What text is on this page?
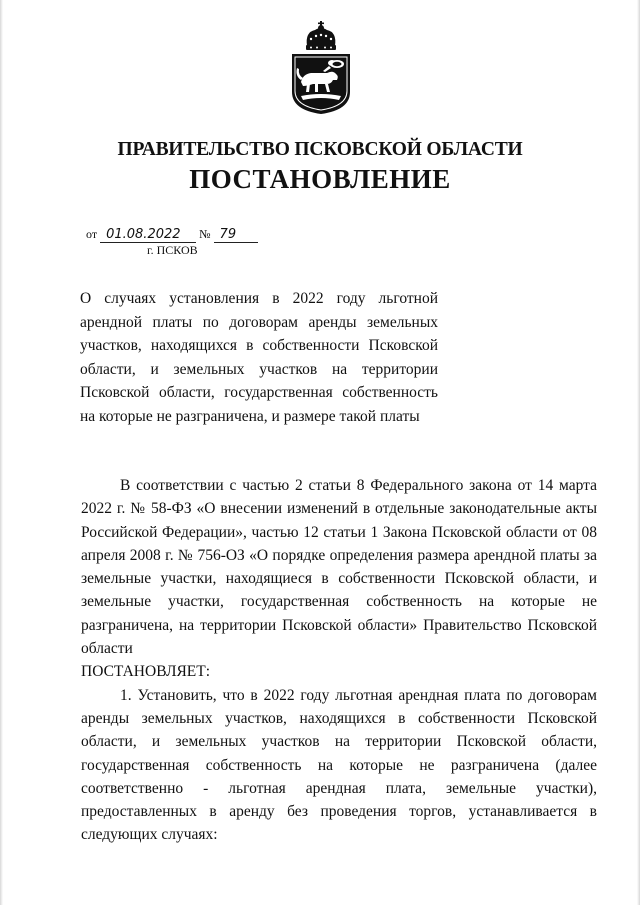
ПРАВИТЕЛЬСТВО ПСКОВСКОЙ ОБЛАСТИ
ПОСТАНОВЛЕНИЕ
от 01.08.2022 № 79
г. ПСКОВ
О случаях установления в 2022 году льготной арендной платы по договорам аренды земельных участков, находящихся в собственности Псковской области, и земельных участков на территории Псковской области, государственная собственность на которые не разграничена, и размере такой платы

В соответствии с частью 2 статьи 8 Федерального закона от 14 марта 2022 г. № 58-ФЗ «О внесении изменений в отдельные законодательные акты Российской Федерации», частью 12 статьи 1 Закона Псковской области от 08 апреля 2008 г. № 756-ОЗ «О порядке определения размера арендной платы за земельные участки, находящиеся в собственности Псковской области, и земельные участки, государственная собственность на которые не разграничена, на территории Псковской области» Правительство Псковской области

ПОСТАНОВЛЯЕТ:

1. Установить, что в 2022 году льготная арендная плата по договорам аренды земельных участков, находящихся в собственности Псковской области, и земельных участков на территории Псковской области, государственная собственность на которые не разграничена (далее соответственно - льготная арендная плата, земельные участки), предоставленных в аренду без проведения торгов, устанавливается в следующих случаях:
